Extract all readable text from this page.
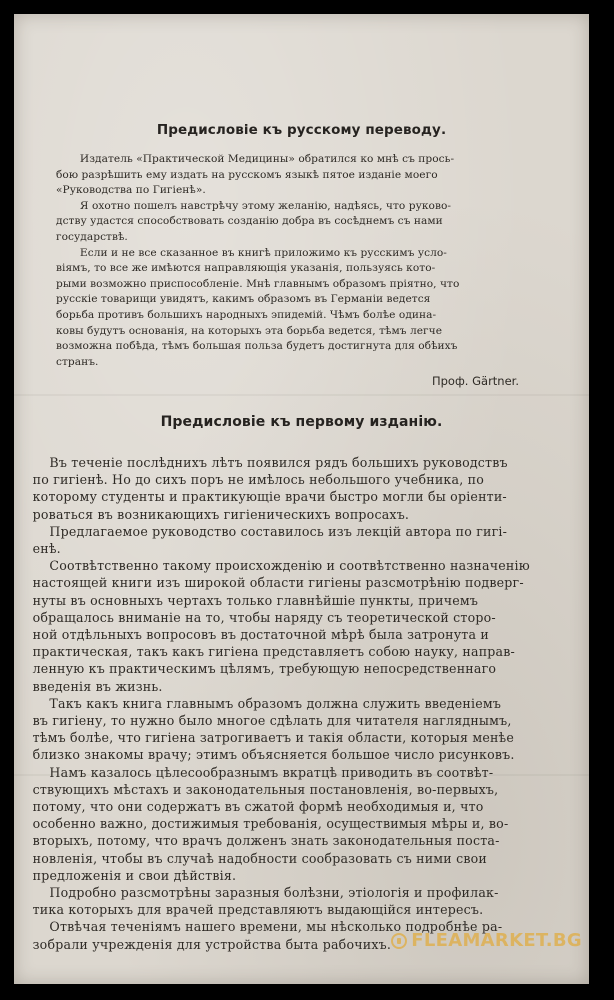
Предисловіе къ русскому переводу.
Издатель «Практической Медицины» обратился ко мнѣ съ прось-
бою разрѣшить ему издать на русскомъ языкѣ пятое изданіе моего
«Руководства по Гигіенѣ».
Я охотно пошелъ навстрѣчу этому желанію, надѣясь, что руково-
дству удастся способствовать созданію добра въ сосѣднемъ съ нами
государствѣ.
Если и не все сказанное въ книгѣ приложимо къ русскимъ усло-
віямъ, то все же имѣются направляющія указанія, пользуясь кото-
рыми возможно приспособленіе. Мнѣ главнымъ образомъ пріятно, что
русскіе товарищи увидятъ, какимъ образомъ въ Германіи ведется
борьба противъ большихъ народныхъ эпидемій. Чѣмъ болѣе одина-
ковы будутъ основанія, на которыхъ эта борьба ведется, тѣмъ легче
возможна побѣда, тѣмъ большая польза будетъ достигнута для обѣихъ
странъ.
Проф. Gärtner.
Предисловіе къ первому изданію.
Въ теченіе послѣднихъ лѣтъ появился рядъ большихъ руководствъ
по гигіенѣ. Но до сихъ поръ не имѣлось небольшого учебника, по
которому студенты и практикующіе врачи быстро могли бы оріенти-
роваться въ возникающихъ гигіеническихъ вопросахъ.
Предлагаемое руководство составилось изъ лекцій автора по гигі-
енѣ.
Соотвѣтственно такому происхожденію и соотвѣтственно назначенію
настоящей книги изъ широкой области гигіены разсмотрѣнію подверг-
нуты въ основныхъ чертахъ только главнѣйшіе пункты, причемъ
обращалось вниманіе на то, чтобы наряду съ теоретической сторо-
ной отдѣльныхъ вопросовъ въ достаточной мѣрѣ была затронута и
практическая, такъ какъ гигіена представляетъ собою науку, направ-
ленную къ практическимъ цѣлямъ, требующую непосредственнаго
введенія въ жизнь.
Такъ какъ книга главнымъ образомъ должна служить введеніемъ
въ гигіену, то нужно было многое сдѣлать для читателя нагляднымъ,
тѣмъ болѣе, что гигіена затрогиваетъ и такія области, которыя менѣе
близко знакомы врачу; этимъ объясняется большое число рисунковъ.
Намъ казалось цѣлесообразнымъ вкратцѣ приводить въ соотвѣт-
ствующихъ мѣстахъ и законодательныя постановленія, во-первыхъ,
потому, что они содержатъ въ сжатой формѣ необходимыя и, что
особенно важно, достижимыя требованія, осуществимыя мѣры и, во-
вторыхъ, потому, что врачъ долженъ знать законодательныя поста-
новленія, чтобы въ случаѣ надобности сообразовать съ ними свои
предложенія и свои дѣйствія.
Подробно разсмотрѣны заразныя болѣзни, этіологія и профилак-
тика которыхъ для врачей представляютъ выдающійся интересъ.
Отвѣчая теченіямъ нашего времени, мы нѣсколько подробнѣе ра-
зобрали учрежденія для устройства быта рабочихъ.	FLEAMARKET.BG
